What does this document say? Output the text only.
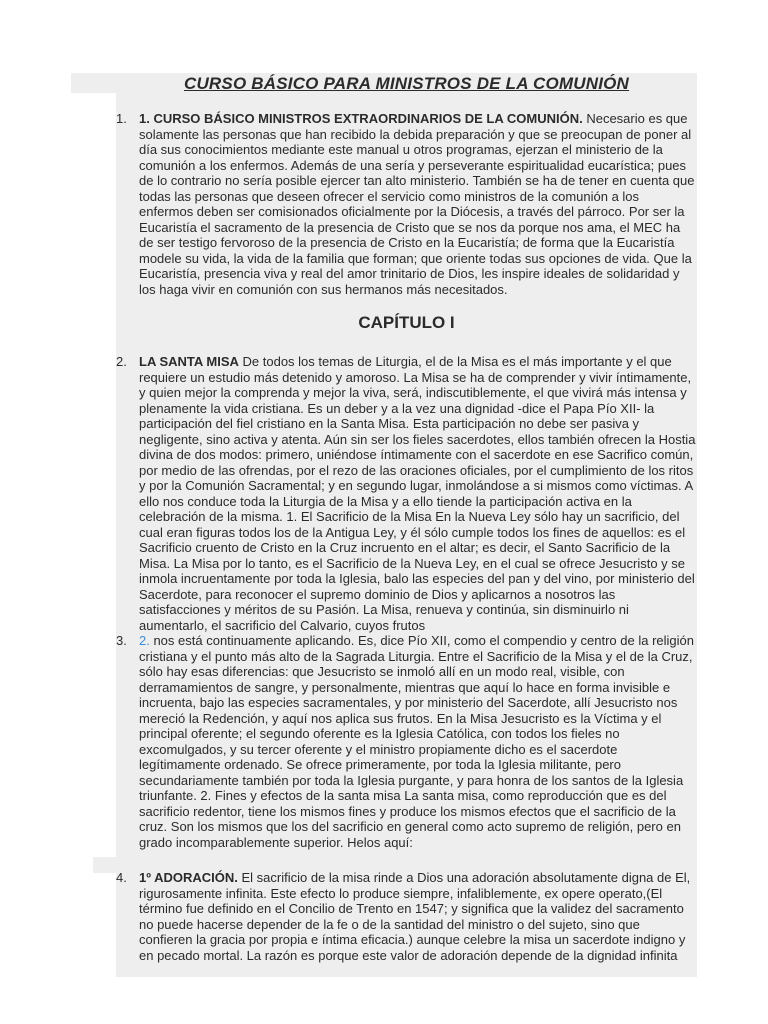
CURSO BÁSICO PARA MINISTROS DE LA COMUNIÓN
1. 1. CURSO BÁSICO MINISTROS EXTRAORDINARIOS DE LA COMUNIÓN. Necesario es que solamente las personas que han recibido la debida preparación y que se preocupan de poner al día sus conocimientos mediante este manual u otros programas, ejerzan el ministerio de la comunión a los enfermos. Además de una sería y perseverante espiritualidad eucarística; pues de lo contrario no sería posible ejercer tan alto ministerio. También se ha de tener en cuenta que todas las personas que deseen ofrecer el servicio como ministros de la comunión a los enfermos deben ser comisionados oficialmente por la Diócesis, a través del párroco. Por ser la Eucaristía el sacramento de la presencia de Cristo que se nos da porque nos ama, el MEC ha de ser testigo fervoroso de la presencia de Cristo en la Eucaristía; de forma que la Eucaristía modele su vida, la vida de la familia que forman; que oriente todas sus opciones de vida. Que la Eucaristía, presencia viva y real del amor trinitario de Dios, les inspire ideales de solidaridad y los haga vivir en comunión con sus hermanos más necesitados.
CAPÍTULO I
2. LA SANTA MISA De todos los temas de Liturgia, el de la Misa es el más importante y el que requiere un estudio más detenido y amoroso. La Misa se ha de comprender y vivir íntimamente, y quien mejor la comprenda y mejor la viva, será, indiscutiblemente, el que vivirá más intensa y plenamente la vida cristiana. Es un deber y a la vez una dignidad -dice el Papa Pío XII- la participación del fiel cristiano en la Santa Misa. Esta participación no debe ser pasiva y negligente, sino activa y atenta. Aún sin ser los fieles sacerdotes, ellos también ofrecen la Hostia divina de dos modos: primero, uniéndose íntimamente con el sacerdote en ese Sacrifico común, por medio de las ofrendas, por el rezo de las oraciones oficiales, por el cumplimiento de los ritos y por la Comunión Sacramental; y en segundo lugar, inmolándose a si mismos como víctimas. A ello nos conduce toda la Liturgia de la Misa y a ello tiende la participación activa en la celebración de la misma. 1. El Sacrificio de la Misa En la Nueva Ley sólo hay un sacrificio, del cual eran figuras todos los de la Antigua Ley, y él sólo cumple todos los fines de aquellos: es el Sacrificio cruento de Cristo en la Cruz incruento en el altar; es decir, el Santo Sacrificio de la Misa. La Misa por lo tanto, es el Sacrificio de la Nueva Ley, en el cual se ofrece Jesucristo y se inmola incruentamente por toda la Iglesia, balo las especies del pan y del vino, por ministerio del Sacerdote, para reconocer el supremo dominio de Dios y aplicarnos a nosotros las satisfacciones y méritos de su Pasión. La Misa, renueva y continúa, sin disminuirlo ni aumentarlo, el sacrificio del Calvario, cuyos frutos
3. 2. nos está continuamente aplicando. Es, dice Pío XII, como el compendio y centro de la religión cristiana y el punto más alto de la Sagrada Liturgia. Entre el Sacrificio de la Misa y el de la Cruz, sólo hay esas diferencias: que Jesucristo se inmoló allí en un modo real, visible, con derramamientos de sangre, y personalmente, mientras que aquí lo hace en forma invisible e incruenta, bajo las especies sacramentales, y por ministerio del Sacerdote, allí Jesucristo nos mereció la Redención, y aquí nos aplica sus frutos. En la Misa Jesucristo es la Víctima y el principal oferente; el segundo oferente es la Iglesia Católica, con todos los fieles no excomulgados, y su tercer oferente y el ministro propiamente dicho es el sacerdote legítimamente ordenado. Se ofrece primeramente, por toda la Iglesia militante, pero secundariamente también por toda la Iglesia purgante, y para honra de los santos de la Iglesia triunfante. 2. Fines y efectos de la santa misa La santa misa, como reproducción que es del sacrificio redentor, tiene los mismos fines y produce los mismos efectos que el sacrificio de la cruz. Son los mismos que los del sacrificio en general como acto supremo de religión, pero en grado incomparablemente superior. Helos aquí:
4. 1º ADORACIÓN. El sacrificio de la misa rinde a Dios una adoración absolutamente digna de El, rigurosamente infinita. Este efecto lo produce siempre, infaliblemente, ex opere operato,(El término fue definido en el Concilio de Trento en 1547; y significa que la validez del sacramento no puede hacerse depender de la fe o de la santidad del ministro o del sujeto, sino que confieren la gracia por propia e íntima eficacia.) aunque celebre la misa un sacerdote indigno y en pecado mortal. La razón es porque este valor de adoración depende de la dignidad infinita
